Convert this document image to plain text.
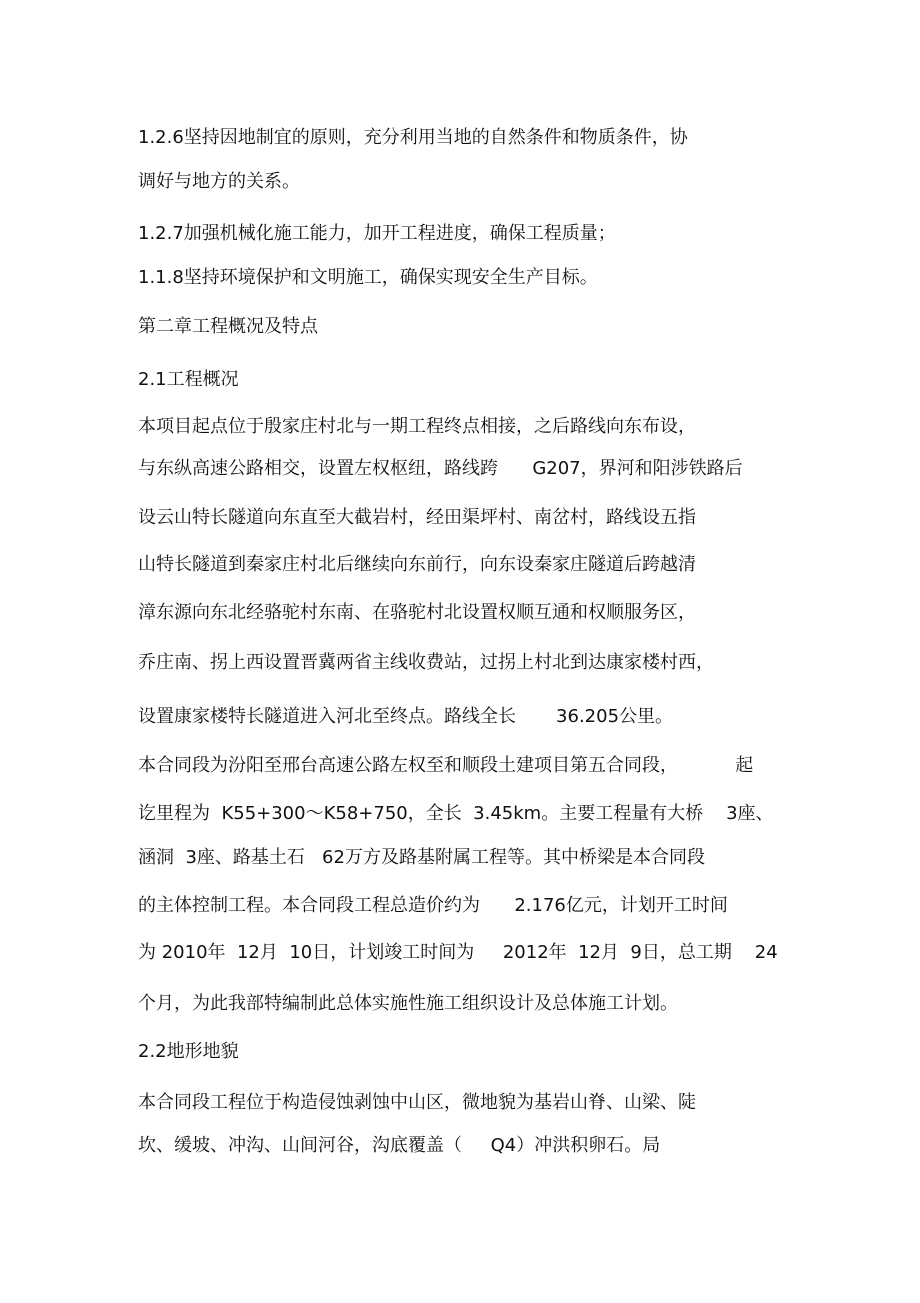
1.2.6坚持因地制宜的原则，充分利用当地的自然条件和物质条件，协

调好与地方的关系。

1.2.7加强机械化施工能力，加开工程进度，确保工程质量；

1.1.8坚持环境保护和文明施工，确保实现安全生产目标。

第二章工程概况及特点

2.1工程概况

本项目起点位于殷家庄村北与一期工程终点相接，之后路线向东布设，

与东纵高速公路相交，设置左权枢纽，路线跨      G207，界河和阳涉铁路后

设云山特长隧道向东直至大截岩村，经田渠坪村、南岔村，路线设五指

山特长隧道到秦家庄村北后继续向东前行，向东设秦家庄隧道后跨越清

漳东源向东北经骆驼村东南、在骆驼村北设置权顺互通和权顺服务区，

乔庄南、拐上西设置晋冀两省主线收费站，过拐上村北到达康家楼村西，

设置康家楼特长隧道进入河北至终点。路线全长       36.205公里。

本合同段为汾阳至邢台高速公路左权至和顺段土建项目第五合同段，          起

讫里程为  K55+300～K58+750，全长  3.45km。主要工程量有大桥    3座、

涵洞  3座、路基土石   62万方及路基附属工程等。其中桥梁是本合同段

的主体控制工程。本合同段工程总造价约为      2.176亿元，计划开工时间

为 2010年  12月  10日，计划竣工时间为     2012年  12月  9日，总工期    24

个月，为此我部特编制此总体实施性施工组织设计及总体施工计划。

2.2地形地貌

本合同段工程位于构造侵蚀剥蚀中山区，微地貌为基岩山脊、山梁、陡

坎、缓坡、冲沟、山间河谷，沟底覆盖（     Q4）冲洪积卵石。局
